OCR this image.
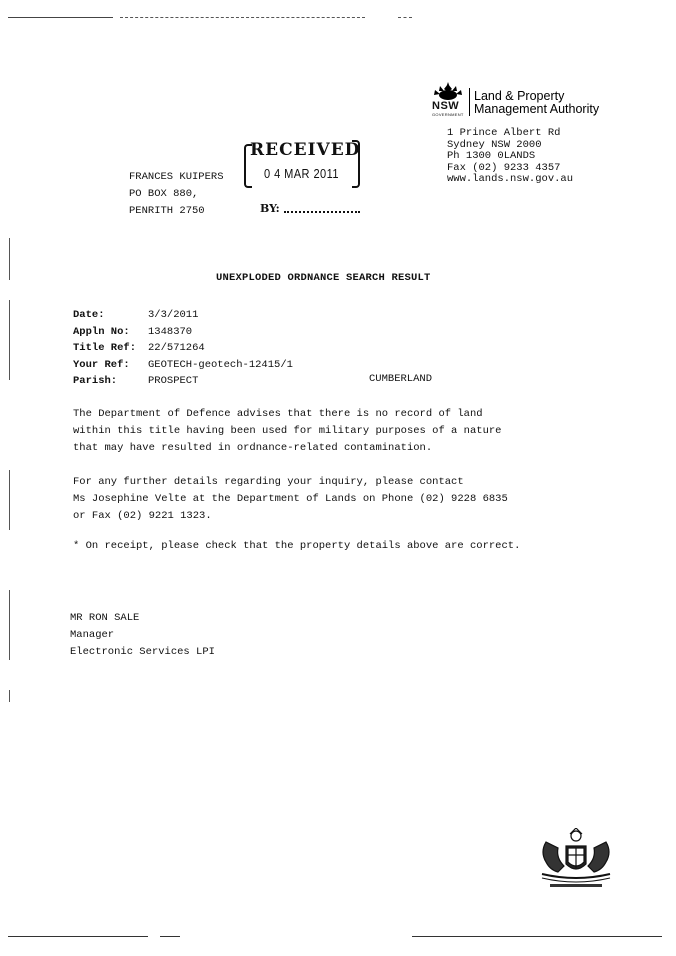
NSW
GOVERNMENT
Land & Property
Management Authority
1 Prince Albert Rd
Sydney NSW 2000
Ph 1300 0LANDS
Fax (02) 9233 4357
www.lands.nsw.gov.au
RECEIVED
0 4 MAR 2011
BY:
FRANCES KUIPERS
PO BOX 880,
PENRITH 2750
UNEXPLODED ORDNANCE SEARCH RESULT
Date:	3/3/2011
Appln No:	1348370
Title Ref:	22/571264
Your Ref:	GEOTECH-geotech-12415/1
Parish:	PROSPECT	CUMBERLAND
The Department of Defence advises that there is no record of land
within this title having been used for military purposes of a nature
that may have resulted in ordnance-related contamination.
For any further details regarding your inquiry, please contact
Ms Josephine Velte at the Department of Lands on Phone (02) 9228 6835
or Fax (02) 9221 1323.
* On receipt, please check that the property details above are correct.
MR RON SALE
Manager
Electronic Services LPI
